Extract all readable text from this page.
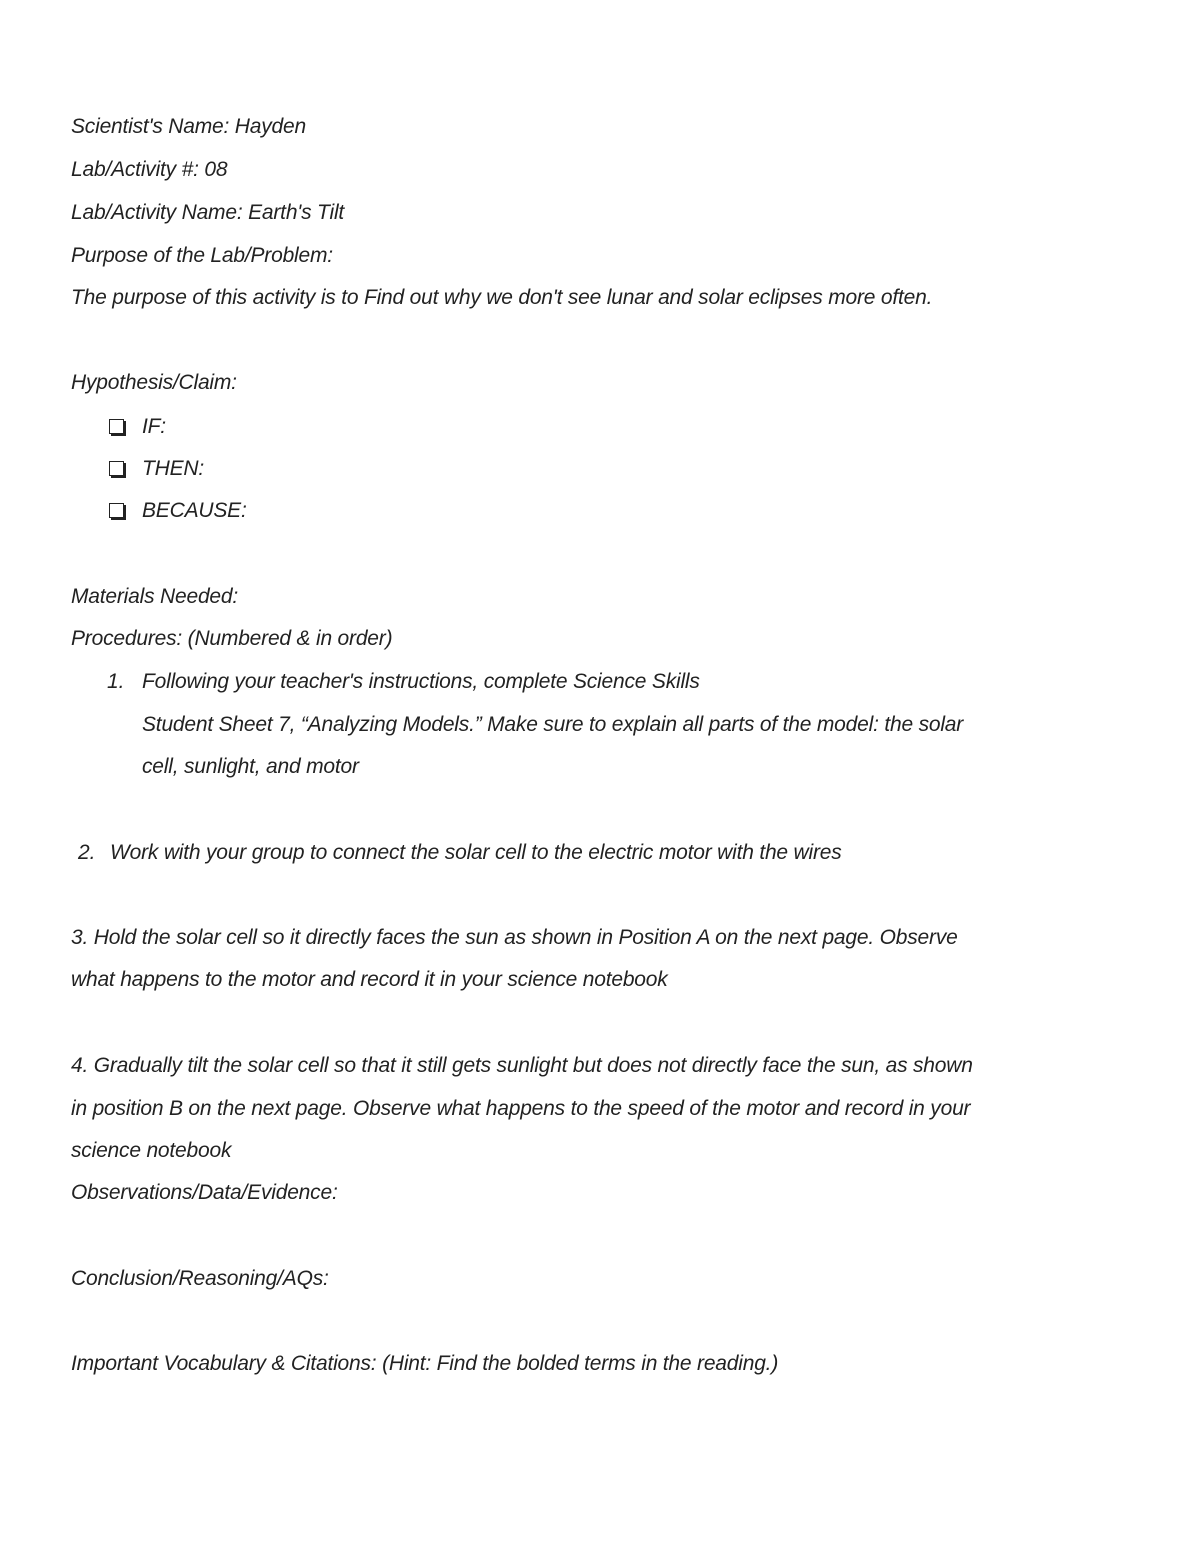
Scientist's Name: Hayden
Lab/Activity #: 08
Lab/Activity Name: Earth's Tilt
Purpose of the Lab/Problem:
The purpose of this activity is to Find out why we don't see lunar and solar eclipses more often.
Hypothesis/Claim:
IF:
THEN:
BECAUSE:
Materials Needed:
Procedures: (Numbered & in order)
1. Following your teacher's instructions, complete Science Skills
Student Sheet 7, “Analyzing Models.” Make sure to explain all parts of the model: the solar
cell, sunlight, and motor
2. Work with your group to connect the solar cell to the electric motor with the wires
3. Hold the solar cell so it directly faces the sun as shown in Position A on the next page. Observe
what happens to the motor and record it in your science notebook
4. Gradually tilt the solar cell so that it still gets sunlight but does not directly face the sun, as shown
in position B on the next page. Observe what happens to the speed of the motor and record in your
science notebook
Observations/Data/Evidence:
Conclusion/Reasoning/AQs:
Important Vocabulary & Citations: (Hint: Find the bolded terms in the reading.)
